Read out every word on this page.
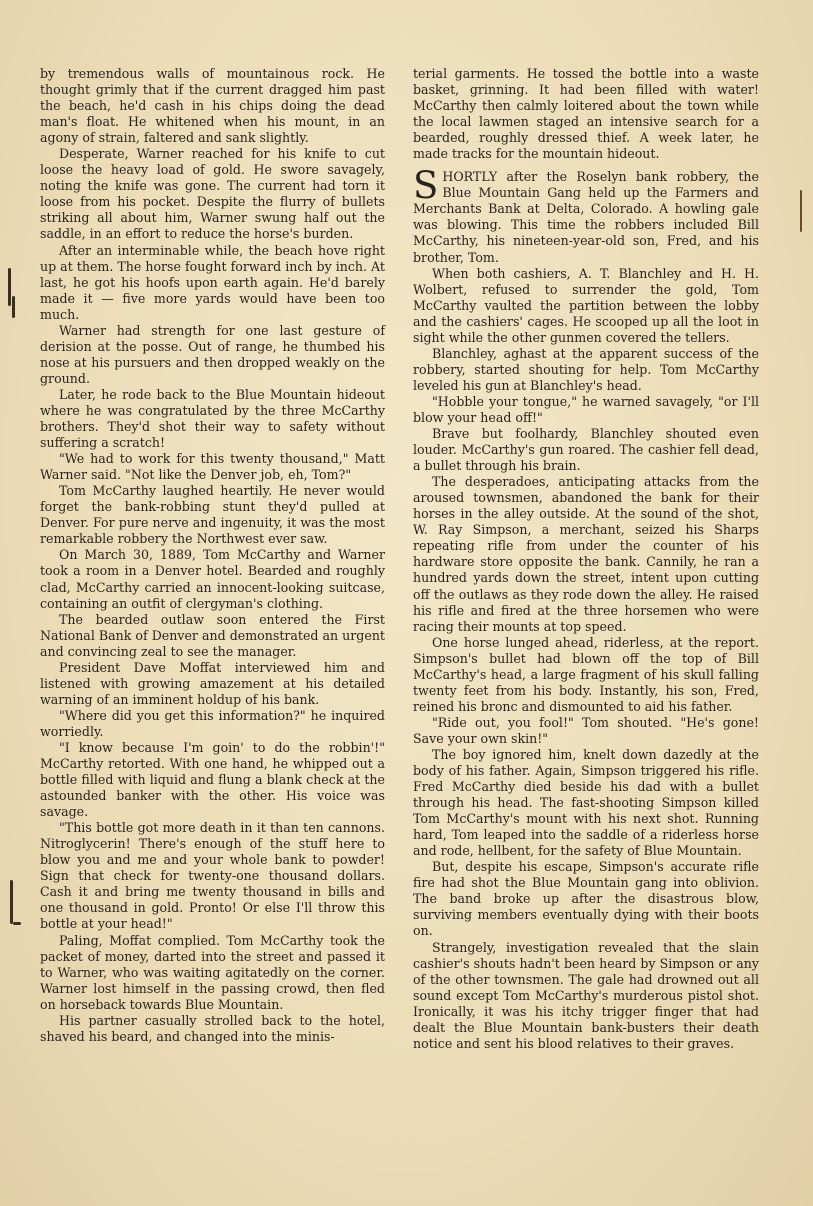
by tremendous walls of mountainous rock. He thought grimly that if the current dragged him past the beach, he'd cash in his chips doing the dead man's float. He whitened when his mount, in an agony of strain, faltered and sank slightly.

Desperate, Warner reached for his knife to cut loose the heavy load of gold. He swore savagely, noting the knife was gone. The current had torn it loose from his pocket. Despite the flurry of bullets striking all about him, Warner swung half out the saddle, in an effort to reduce the horse's burden.

After an interminable while, the beach hove right up at them. The horse fought forward inch by inch. At last, he got his hoofs upon earth again. He'd barely made it — five more yards would have been too much.

Warner had strength for one last gesture of derision at the posse. Out of range, he thumbed his nose at his pursuers and then dropped weakly on the ground.

Later, he rode back to the Blue Mountain hideout where he was congratulated by the three McCarthy brothers. They'd shot their way to safety without suffering a scratch!

"We had to work for this twenty thousand," Matt Warner said. "Not like the Denver job, eh, Tom?"

Tom McCarthy laughed heartily. He never would forget the bank-robbing stunt they'd pulled at Denver. For pure nerve and ingenuity, it was the most remarkable robbery the Northwest ever saw.

On March 30, 1889, Tom McCarthy and Warner took a room in a Denver hotel. Bearded and roughly clad, McCarthy carried an innocent-looking suitcase, containing an outfit of clergyman's clothing.

The bearded outlaw soon entered the First National Bank of Denver and demonstrated an urgent and convincing zeal to see the manager.

President Dave Moffat interviewed him and listened with growing amazement at his detailed warning of an imminent holdup of his bank.

"Where did you get this information?" he inquired worriedly.

"I know because I'm goin' to do the robbin'!" McCarthy retorted. With one hand, he whipped out a bottle filled with liquid and flung a blank check at the astounded banker with the other. His voice was savage.

"This bottle got more death in it than ten cannons. Nitroglycerin! There's enough of the stuff here to blow you and me and your whole bank to powder! Sign that check for twenty-one thousand dollars. Cash it and bring me twenty thousand in bills and one thousand in gold. Pronto! Or else I'll throw this bottle at your head!"

Paling, Moffat complied. Tom McCarthy took the packet of money, darted into the street and passed it to Warner, who was waiting agitatedly on the corner. Warner lost himself in the passing crowd, then fled on horseback towards Blue Mountain.

His partner casually strolled back to the hotel, shaved his beard, and changed into the minis-

terial garments. He tossed the bottle into a waste basket, grinning. It had been filled with water! McCarthy then calmly loitered about the town while the local lawmen staged an intensive search for a bearded, roughly dressed thief. A week later, he made tracks for the mountain hideout.

SHORTLY after the Roselyn bank robbery, the Blue Mountain Gang held up the Farmers and Merchants Bank at Delta, Colorado. A howling gale was blowing. This time the robbers included Bill McCarthy, his nineteen-year-old son, Fred, and his brother, Tom.

When both cashiers, A. T. Blanchley and H. H. Wolbert, refused to surrender the gold, Tom McCarthy vaulted the partition between the lobby and the cashiers' cages. He scooped up all the loot in sight while the other gunmen covered the tellers.

Blanchley, aghast at the apparent success of the robbery, started shouting for help. Tom McCarthy leveled his gun at Blanchley's head.

"Hobble your tongue," he warned savagely, "or I'll blow your head off!"

Brave but foolhardy, Blanchley shouted even louder. McCarthy's gun roared. The cashier fell dead, a bullet through his brain.

The desperadoes, anticipating attacks from the aroused townsmen, abandoned the bank for their horses in the alley outside. At the sound of the shot, W. Ray Simpson, a merchant, seized his Sharps repeating rifle from under the counter of his hardware store opposite the bank. Cannily, he ran a hundred yards down the street, intent upon cutting off the outlaws as they rode down the alley. He raised his rifle and fired at the three horsemen who were racing their mounts at top speed.

One horse lunged ahead, riderless, at the report. Simpson's bullet had blown off the top of Bill McCarthy's head, a large fragment of his skull falling twenty feet from his body. Instantly, his son, Fred, reined his bronc and dismounted to aid his father.

"Ride out, you fool!" Tom shouted. "He's gone! Save your own skin!"

The boy ignored him, knelt down dazedly at the body of his father. Again, Simpson triggered his rifle. Fred McCarthy died beside his dad with a bullet through his head. The fast-shooting Simpson killed Tom McCarthy's mount with his next shot. Running hard, Tom leaped into the saddle of a riderless horse and rode, hellbent, for the safety of Blue Mountain.

But, despite his escape, Simpson's accurate rifle fire had shot the Blue Mountain gang into oblivion. The band broke up after the disastrous blow, surviving members eventually dying with their boots on.

Strangely, investigation revealed that the slain cashier's shouts hadn't been heard by Simpson or any of the other townsmen. The gale had drowned out all sound except Tom McCarthy's murderous pistol shot. Ironically, it was his itchy trigger finger that had dealt the Blue Mountain bank-busters their death notice and sent his blood relatives to their graves.
